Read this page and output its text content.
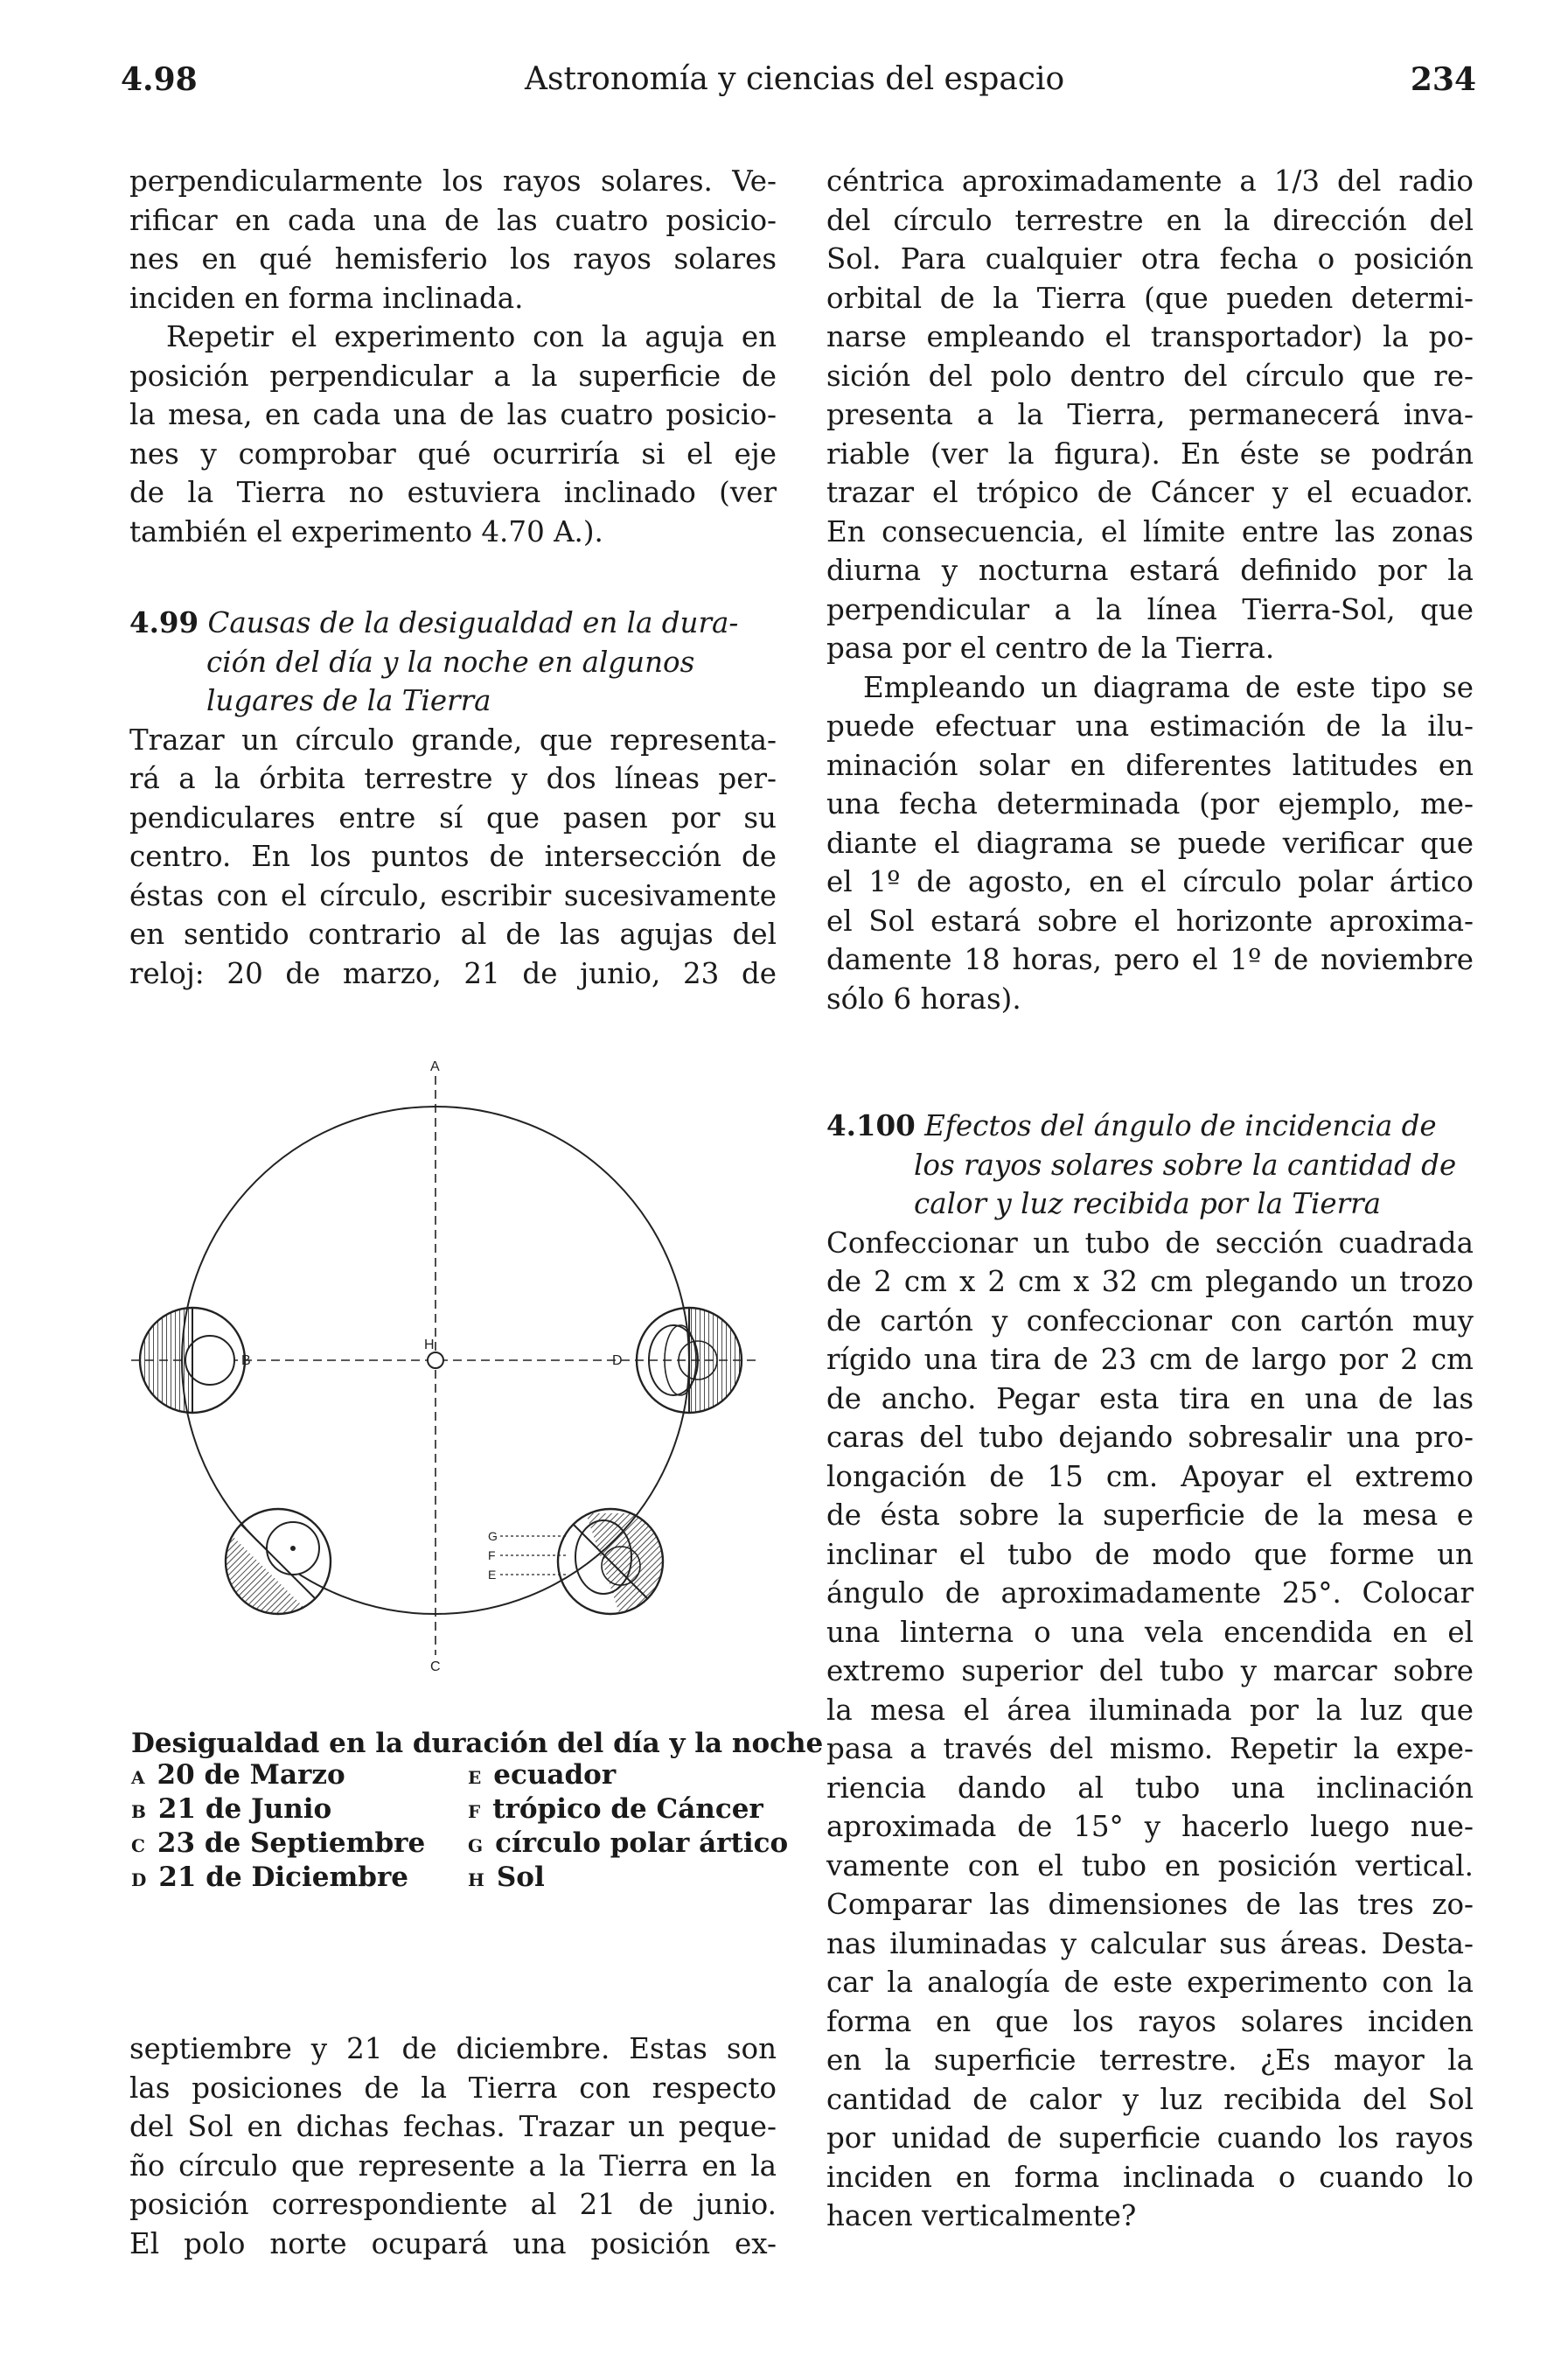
4.98	Astronomía y ciencias del espacio	234
perpendicularmente los rayos solares. Ve-
rificar en cada una de las cuatro posicio-
nes en qué hemisferio los rayos solares
inciden en forma inclinada.
Repetir el experimento con la aguja en
posición perpendicular a la superficie de
la mesa, en cada una de las cuatro posicio-
nes y comprobar qué ocurriría si el eje
de la Tierra no estuviera inclinado (ver
también el experimento 4.70 A.).
4.99 Causas de la desigualdad en la dura-
ción del día y la noche en algunos
lugares de la Tierra
Trazar un círculo grande, que representa-
rá a la órbita terrestre y dos líneas per-
pendiculares entre sí que pasen por su
centro. En los puntos de intersección de
éstas con el círculo, escribir sucesivamente
en sentido contrario al de las agujas del
reloj: 20 de marzo, 21 de junio, 23 de
A
B
C
D
H
G
F
E
Desigualdad en la duración del día y la noche
A 20 de Marzo	E ecuador
B 21 de Junio	F trópico de Cáncer
C 23 de Septiembre	G círculo polar ártico
D 21 de Diciembre	H Sol
septiembre y 21 de diciembre. Estas son
las posiciones de la Tierra con respecto
del Sol en dichas fechas. Trazar un peque-
ño círculo que represente a la Tierra en la
posición correspondiente al 21 de junio.
El polo norte ocupará una posición ex-
céntrica aproximadamente a 1/3 del radio
del círculo terrestre en la dirección del
Sol. Para cualquier otra fecha o posición
orbital de la Tierra (que pueden determi-
narse empleando el transportador) la po-
sición del polo dentro del círculo que re-
presenta a la Tierra, permanecerá inva-
riable (ver la figura). En éste se podrán
trazar el trópico de Cáncer y el ecuador.
En consecuencia, el límite entre las zonas
diurna y nocturna estará definido por la
perpendicular a la línea Tierra-Sol, que
pasa por el centro de la Tierra.
Empleando un diagrama de este tipo se
puede efectuar una estimación de la ilu-
minación solar en diferentes latitudes en
una fecha determinada (por ejemplo, me-
diante el diagrama se puede verificar que
el 1º de agosto, en el círculo polar ártico
el Sol estará sobre el horizonte aproxima-
damente 18 horas, pero el 1º de noviembre
sólo 6 horas).
4.100 Efectos del ángulo de incidencia de
los rayos solares sobre la cantidad de
calor y luz recibida por la Tierra
Confeccionar un tubo de sección cuadrada
de 2 cm x 2 cm x 32 cm plegando un trozo
de cartón y confeccionar con cartón muy
rígido una tira de 23 cm de largo por 2 cm
de ancho. Pegar esta tira en una de las
caras del tubo dejando sobresalir una pro-
longación de 15 cm. Apoyar el extremo
de ésta sobre la superficie de la mesa e
inclinar el tubo de modo que forme un
ángulo de aproximadamente 25°. Colocar
una linterna o una vela encendida en el
extremo superior del tubo y marcar sobre
la mesa el área iluminada por la luz que
pasa a través del mismo. Repetir la expe-
riencia dando al tubo una inclinación
aproximada de 15° y hacerlo luego nue-
vamente con el tubo en posición vertical.
Comparar las dimensiones de las tres zo-
nas iluminadas y calcular sus áreas. Desta-
car la analogía de este experimento con la
forma en que los rayos solares inciden
en la superficie terrestre. ¿Es mayor la
cantidad de calor y luz recibida del Sol
por unidad de superficie cuando los rayos
inciden en forma inclinada o cuando lo
hacen verticalmente?
